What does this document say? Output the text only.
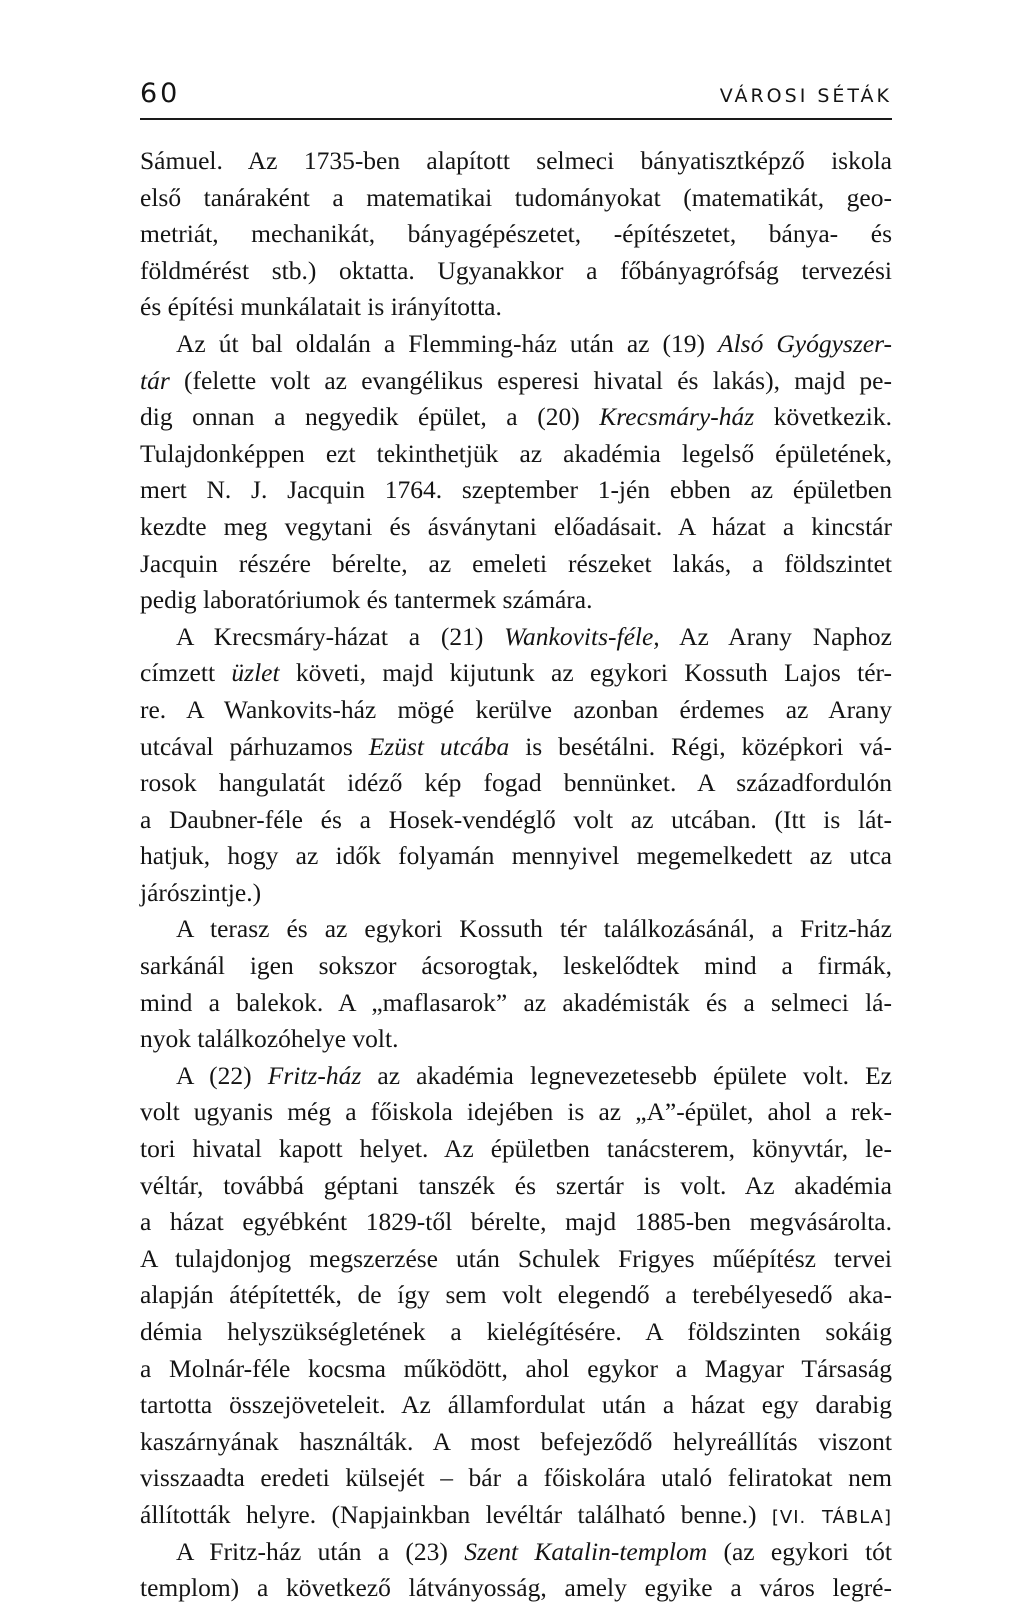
60	VÁROSI SÉTÁK
Sámuel. Az 1735-ben alapított selmeci bányatisztképző iskola
első tanáraként a matematikai tudományokat (matematikát, geo-
metriát, mechanikát, bányagépészetet, -építészetet, bánya- és
földmérést stb.) oktatta. Ugyanakkor a főbányagrófság tervezési
és építési munkálatait is irányította.
Az út bal oldalán a Flemming-ház után az (19) Alsó Gyógyszer-
tár (felette volt az evangélikus esperesi hivatal és lakás), majd pe-
dig onnan a negyedik épület, a (20) Krecsmáry-ház következik.
Tulajdonképpen ezt tekinthetjük az akadémia legelső épületének,
mert N. J. Jacquin 1764. szeptember 1-jén ebben az épületben
kezdte meg vegytani és ásványtani előadásait. A házat a kincstár
Jacquin részére bérelte, az emeleti részeket lakás, a földszintet
pedig laboratóriumok és tantermek számára.
A Krecsmáry-házat a (21) Wankovits-féle, Az Arany Naphoz
címzett üzlet követi, majd kijutunk az egykori Kossuth Lajos tér-
re. A Wankovits-ház mögé kerülve azonban érdemes az Arany
utcával párhuzamos Ezüst utcába is besétálni. Régi, középkori vá-
rosok hangulatát idéző kép fogad bennünket. A századfordulón
a Daubner-féle és a Hosek-vendéglő volt az utcában. (Itt is lát-
hatjuk, hogy az idők folyamán mennyivel megemelkedett az utca
járószintje.)
A terasz és az egykori Kossuth tér találkozásánál, a Fritz-ház
sarkánál igen sokszor ácsorogtak, leskelődtek mind a firmák,
mind a balekok. A „maflasarok” az akadémisták és a selmeci lá-
nyok találkozóhelye volt.
A (22) Fritz-ház az akadémia legnevezetesebb épülete volt. Ez
volt ugyanis még a főiskola idejében is az „A”-épület, ahol a rek-
tori hivatal kapott helyet. Az épületben tanácsterem, könyvtár, le-
véltár, továbbá géptani tanszék és szertár is volt. Az akadémia
a házat egyébként 1829-től bérelte, majd 1885-ben megvásárolta.
A tulajdonjog megszerzése után Schulek Frigyes műépítész tervei
alapján átépítették, de így sem volt elegendő a terebélyesedő aka-
démia helyszükségletének a kielégítésére. A földszinten sokáig
a Molnár-féle kocsma működött, ahol egykor a Magyar Társaság
tartotta összejöveteleit. Az államfordulat után a házat egy darabig
kaszárnyának használták. A most befejeződő helyreállítás viszont
visszaadta eredeti külsejét – bár a főiskolára utaló feliratokat nem
állították helyre. (Napjainkban levéltár található benne.) [VI. TÁBLA]
A Fritz-ház után a (23) Szent Katalin-templom (az egykori tót
templom) a következő látványosság, amely egyike a város legré-
